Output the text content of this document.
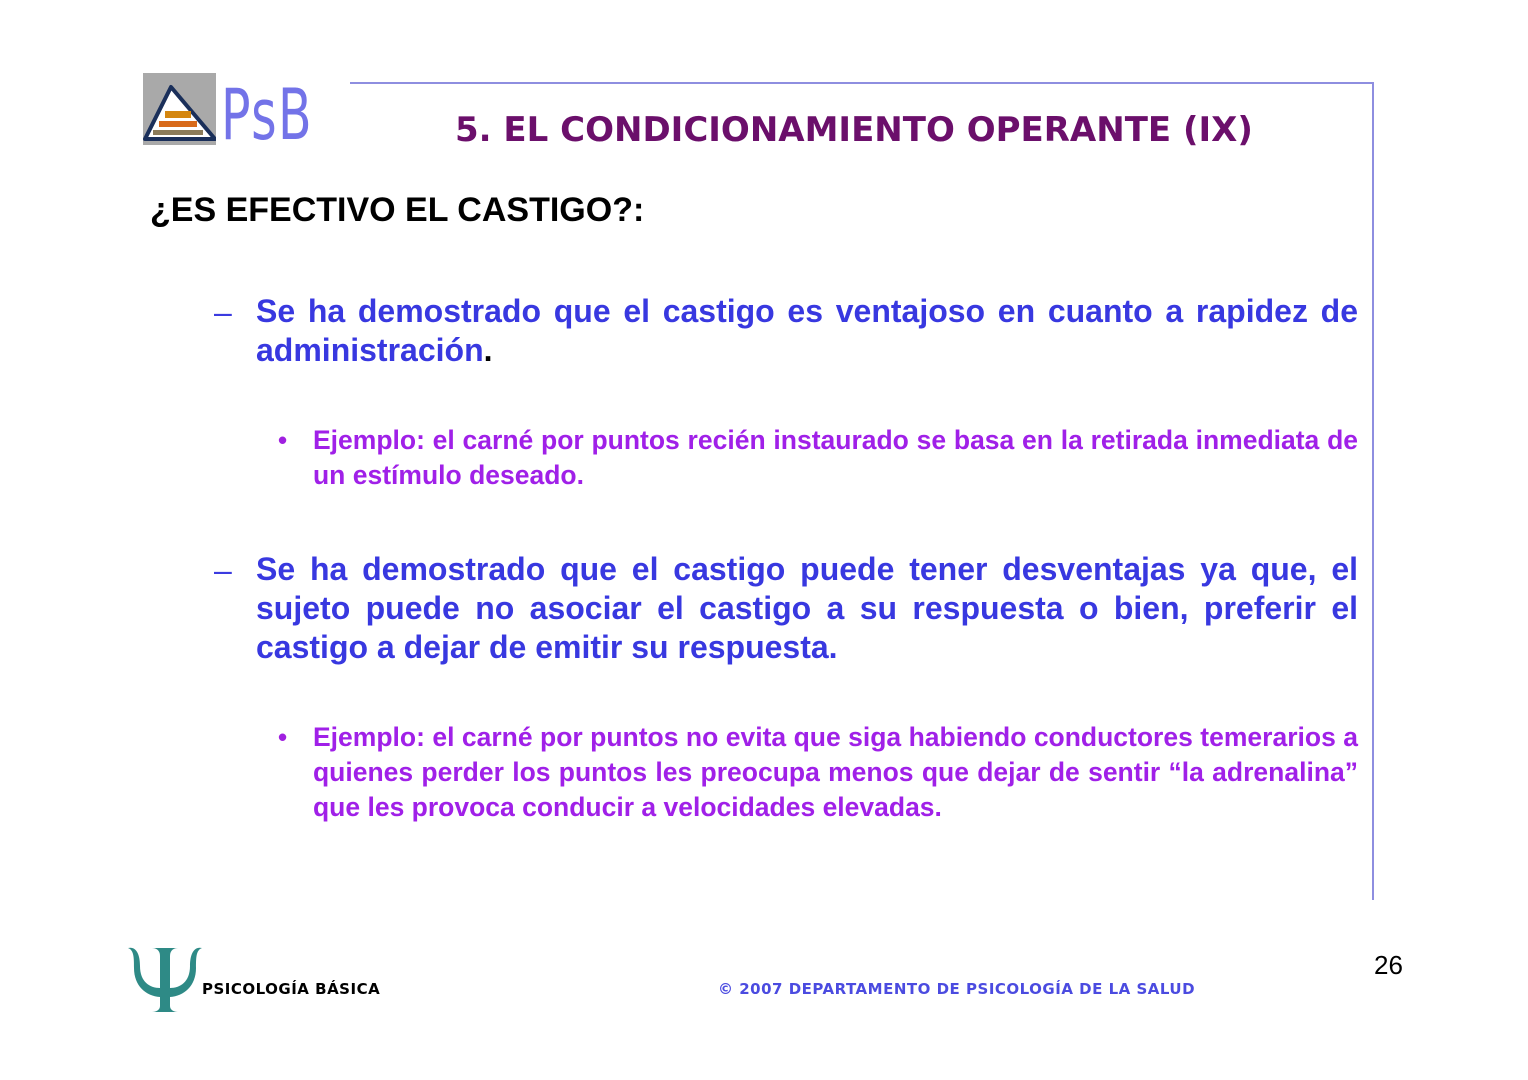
PsB	5. EL CONDICIONAMIENTO OPERANTE (IX)
¿ES EFECTIVO EL CASTIGO?:
– Se ha demostrado que el castigo es ventajoso en cuanto a rapidez de administración.
• Ejemplo: el carné por puntos recién instaurado se basa en la retirada inmediata de un estímulo deseado.
– Se ha demostrado que el castigo puede tener desventajas ya que, el sujeto puede no asociar el castigo a su respuesta o bien, preferir el castigo a dejar de emitir su respuesta.
• Ejemplo: el carné por puntos no evita que siga habiendo conductores temerarios a quienes perder los puntos les preocupa menos que dejar de sentir “la adrenalina” que les provoca conducir a velocidades elevadas.
PSICOLOGÍA BÁSICA	© 2007 DEPARTAMENTO DE PSICOLOGÍA DE LA SALUD
26
